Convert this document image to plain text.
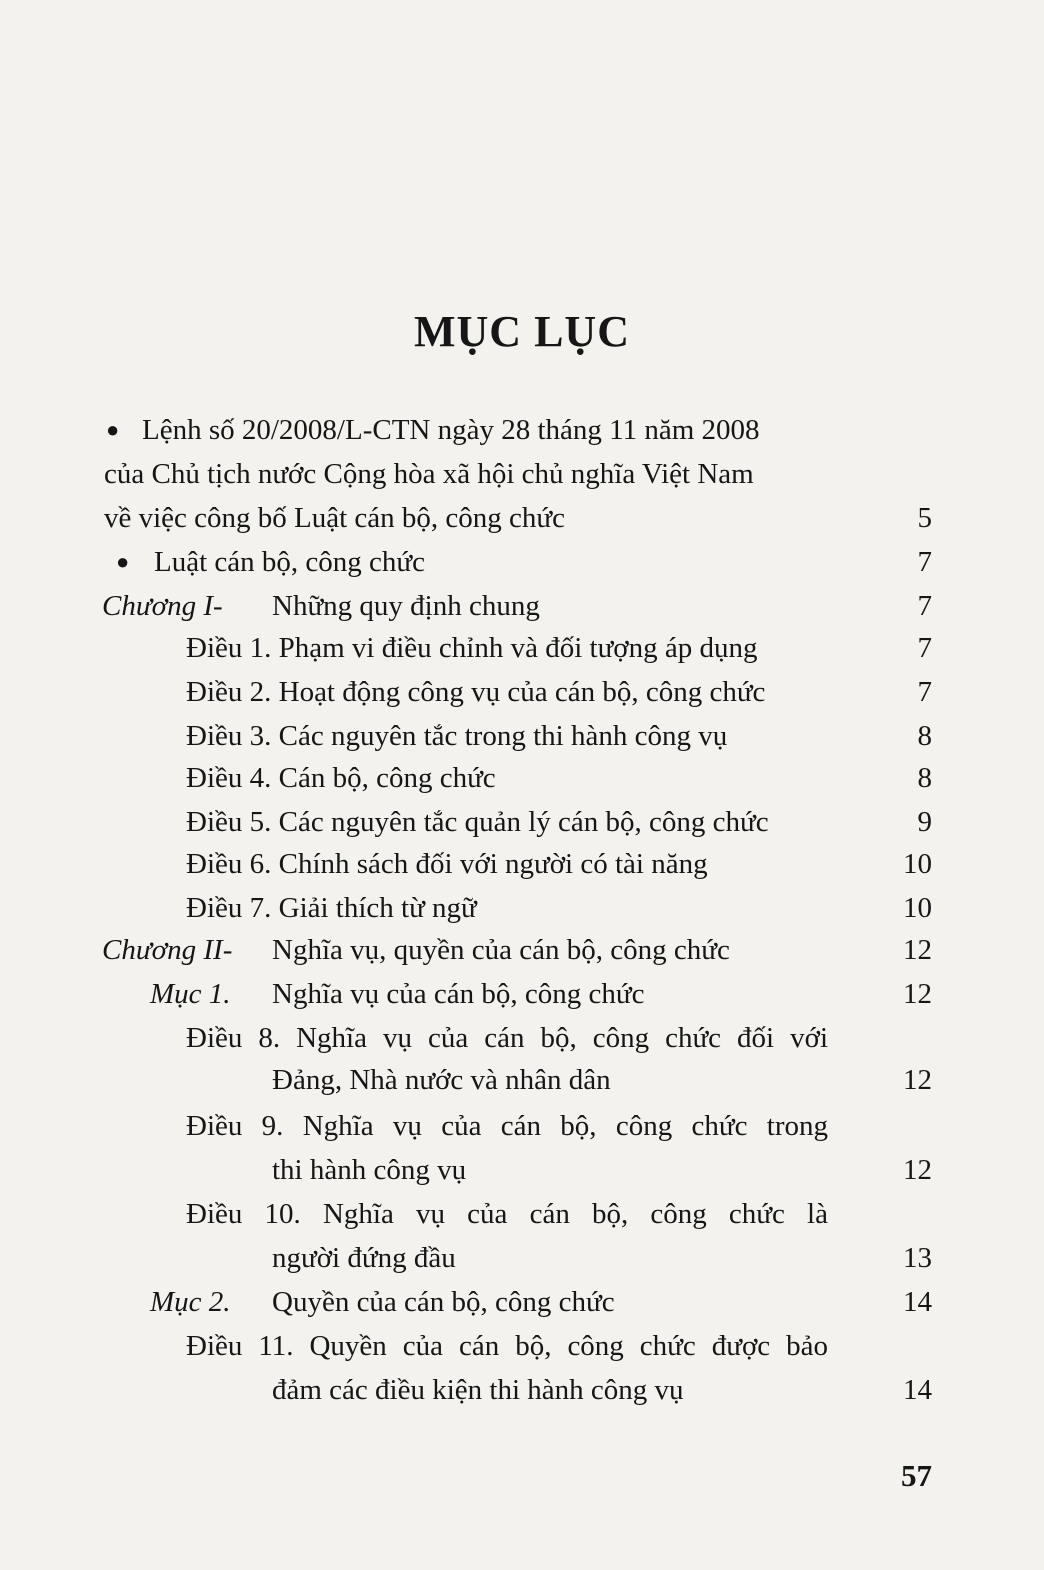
MỤC LỤC
● Lệnh số 20/2008/L-CTN ngày 28 tháng 11 năm 2008
của Chủ tịch nước Cộng hòa xã hội chủ nghĩa Việt Nam
về việc công bố Luật cán bộ, công chức	5
● Luật cán bộ, công chức	7
Chương I- Những quy định chung	7
Điều 1. Phạm vi điều chỉnh và đối tượng áp dụng	7
Điều 2. Hoạt động công vụ của cán bộ, công chức	7
Điều 3. Các nguyên tắc trong thi hành công vụ	8
Điều 4. Cán bộ, công chức	8
Điều 5. Các nguyên tắc quản lý cán bộ, công chức	9
Điều 6. Chính sách đối với người có tài năng	10
Điều 7. Giải thích từ ngữ	10
Chương II- Nghĩa vụ, quyền của cán bộ, công chức	12
Mục 1. Nghĩa vụ của cán bộ, công chức	12
Điều 8. Nghĩa vụ của cán bộ, công chức đối với
Đảng, Nhà nước và nhân dân	12
Điều 9. Nghĩa vụ của cán bộ, công chức trong
thi hành công vụ	12
Điều 10. Nghĩa vụ của cán bộ, công chức là
người đứng đầu	13
Mục 2. Quyền của cán bộ, công chức	14
Điều 11. Quyền của cán bộ, công chức được bảo
đảm các điều kiện thi hành công vụ	14
57
